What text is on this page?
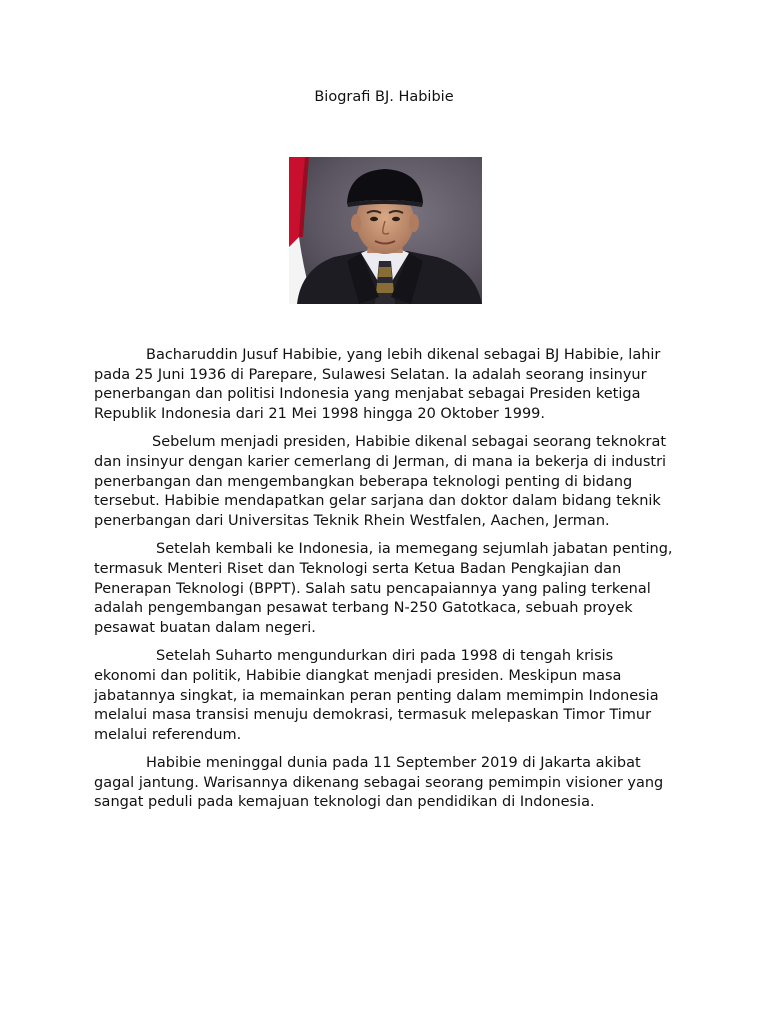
Biografi BJ. Habibie

Bacharuddin Jusuf Habibie, yang lebih dikenal sebagai BJ Habibie, lahir pada 25 Juni 1936 di Parepare, Sulawesi Selatan. Ia adalah seorang insinyur penerbangan dan politisi Indonesia yang menjabat sebagai Presiden ketiga Republik Indonesia dari 21 Mei 1998 hingga 20 Oktober 1999.

Sebelum menjadi presiden, Habibie dikenal sebagai seorang teknokrat dan insinyur dengan karier cemerlang di Jerman, di mana ia bekerja di industri penerbangan dan mengembangkan beberapa teknologi penting di bidang tersebut. Habibie mendapatkan gelar sarjana dan doktor dalam bidang teknik penerbangan dari Universitas Teknik Rhein Westfalen, Aachen, Jerman.

Setelah kembali ke Indonesia, ia memegang sejumlah jabatan penting, termasuk Menteri Riset dan Teknologi serta Ketua Badan Pengkajian dan Penerapan Teknologi (BPPT). Salah satu pencapaiannya yang paling terkenal adalah pengembangan pesawat terbang N-250 Gatotkaca, sebuah proyek pesawat buatan dalam negeri.

Setelah Suharto mengundurkan diri pada 1998 di tengah krisis ekonomi dan politik, Habibie diangkat menjadi presiden. Meskipun masa jabatannya singkat, ia memainkan peran penting dalam memimpin Indonesia melalui masa transisi menuju demokrasi, termasuk melepaskan Timor Timur melalui referendum.

Habibie meninggal dunia pada 11 September 2019 di Jakarta akibat gagal jantung. Warisannya dikenang sebagai seorang pemimpin visioner yang sangat peduli pada kemajuan teknologi dan pendidikan di Indonesia.
